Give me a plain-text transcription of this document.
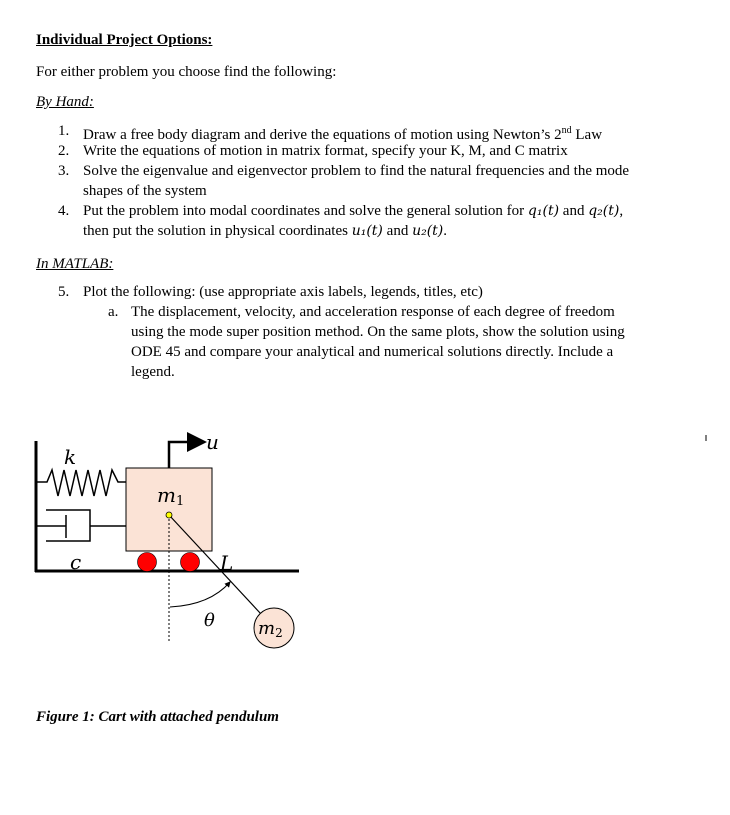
Individual Project Options:
For either problem you choose find the following:
By Hand:
1. Draw a free body diagram and derive the equations of motion using Newton’s 2nd Law
2. Write the equations of motion in matrix format, specify your K, M, and C matrix
3. Solve the eigenvalue and eigenvector problem to find the natural frequencies and the mode
shapes of the system
4. Put the problem into modal coordinates and solve the general solution for q₁(t) and q₂(t),
then put the solution in physical coordinates u₁(t) and u₂(t).
In MATLAB:
5. Plot the following: (use appropriate axis labels, legends, titles, etc)
a. The displacement, velocity, and acceleration response of each degree of freedom
using the mode super position method. On the same plots, show the solution using
ODE 45 and compare your analytical and numerical solutions directly. Include a
legend.
k
c
u
m1
L
θ m2
Figure 1: Cart with attached pendulum
